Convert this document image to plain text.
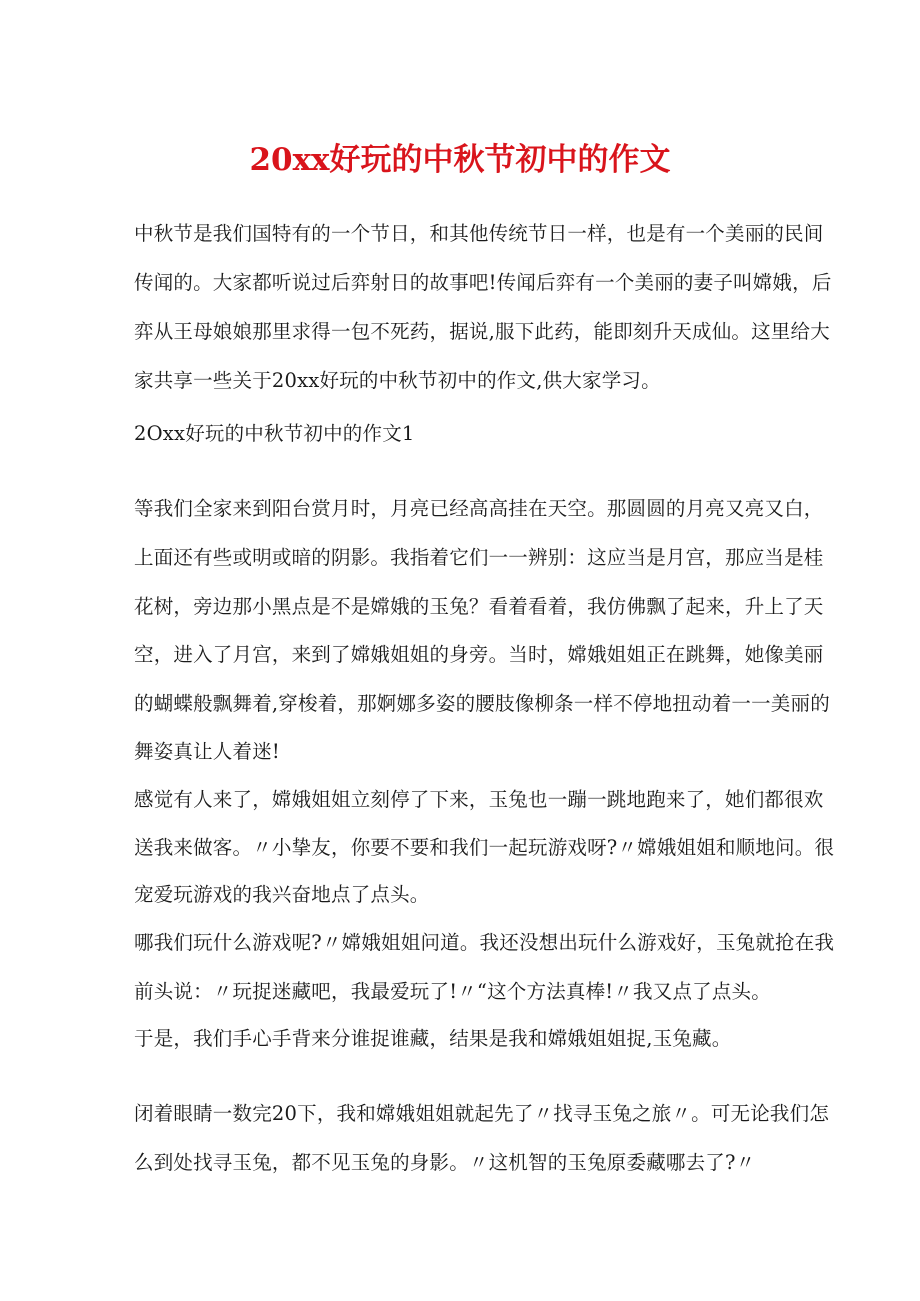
20xx好玩的中秋节初中的作文
中秋节是我们国特有的一个节日，和其他传统节日一样，也是有一个美丽的民间
传闻的。大家都听说过后弈射日的故事吧!传闻后弈有一个美丽的妻子叫嫦娥，后
弈从王母娘娘那里求得一包不死药，据说,服下此药，能即刻升天成仙。这里给大
家共享一些关于20xx好玩的中秋节初中的作文,供大家学习。
2Oxx好玩的中秋节初中的作文1
等我们全家来到阳台赏月时，月亮已经高高挂在天空。那圆圆的月亮又亮又白，
上面还有些或明或暗的阴影。我指着它们一一辨别：这应当是月宫，那应当是桂
花树，旁边那小黑点是不是嫦娥的玉兔？看着看着，我仿佛飘了起来，升上了天
空，进入了月宫，来到了嫦娥姐姐的身旁。当时，嫦娥姐姐正在跳舞，她像美丽
的蝴蝶般飘舞着,穿梭着，那婀娜多姿的腰肢像柳条一样不停地扭动着一一美丽的
舞姿真让人着迷!
感觉有人来了，嫦娥姐姐立刻停了下来，玉兔也一蹦一跳地跑来了，她们都很欢
送我来做客。〃小挚友，你要不要和我们一起玩游戏呀?〃嫦娥姐姐和顺地问。很
宠爱玩游戏的我兴奋地点了点头。
哪我们玩什么游戏呢?〃嫦娥姐姐问道。我还没想出玩什么游戏好，玉兔就抢在我
前头说：〃玩捉迷藏吧，我最爱玩了!〃“这个方法真棒!〃我又点了点头。
于是，我们手心手背来分谁捉谁藏，结果是我和嫦娥姐姐捉,玉兔藏。
闭着眼睛一数完20下，我和嫦娥姐姐就起先了〃找寻玉兔之旅〃。可无论我们怎
么到处找寻玉兔，都不见玉兔的身影。〃这机智的玉兔原委藏哪去了?〃
